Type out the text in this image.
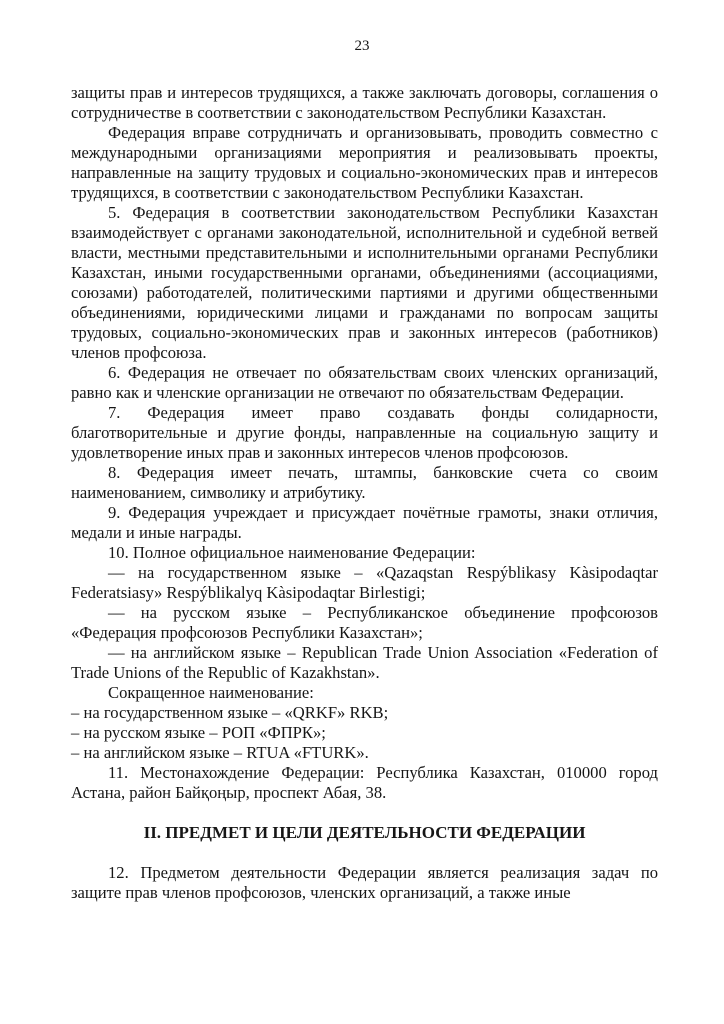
23

защиты прав и интересов трудящихся, а также заключать договоры, соглашения о сотрудничестве в соответствии с законодательством Республики Казахстан.

Федерация вправе сотрудничать и организовывать, проводить совместно с международными организациями мероприятия и реализовывать проекты, направленные на защиту трудовых и социально-экономических прав и интересов трудящихся, в соответствии с законодательством Республики Казахстан.

5. Федерация в соответствии законодательством Республики Казахстан взаимодействует с органами законодательной, исполнительной и судебной ветвей власти, местными представительными и исполнительными органами Республики Казахстан, иными государственными органами, объединениями (ассоциациями, союзами) работодателей, политическими партиями и другими общественными объединениями, юридическими лицами и гражданами по вопросам защиты трудовых, социально-экономических прав и законных интересов (работников) членов профсоюза.

6. Федерация не отвечает по обязательствам своих членских организаций, равно как и членские организации не отвечают по обязательствам Федерации.

7. Федерация имеет право создавать фонды солидарности, благотворительные и другие фонды, направленные на социальную защиту и удовлетворение иных прав и законных интересов членов профсоюзов.

8. Федерация имеет печать, штампы, банковские счета со своим наименованием, символику и атрибутику.

9. Федерация учреждает и присуждает почётные грамоты, знаки отличия, медали и иные награды.

10. Полное официальное наименование Федерации:

— на государственном языке – «Qazaqstan Respýblikasy Kàsipodaqtar Federatsiasy» Respýblikalyq Kàsipodaqtar Birlestigi;

— на русском языке – Республиканское объединение профсоюзов «Федерация профсоюзов Республики Казахстан»;

— на английском языке – Republican Trade Union Association «Federation of Trade Unions of the Republic of Kazakhstan».

Сокращенное наименование:

– на государственном языке – «QRKF» RKB;

– на русском языке – РОП «ФПРК»;

– на английском языке – RTUA «FTURK».

11. Местонахождение Федерации: Республика Казахстан, 010000 город Астана, район Байқоңыр, проспект Абая, 38.

II. ПРЕДМЕТ И ЦЕЛИ ДЕЯТЕЛЬНОСТИ ФЕДЕРАЦИИ

12. Предметом деятельности Федерации является реализация задач по защите прав членов профсоюзов, членских организаций, а также иные
